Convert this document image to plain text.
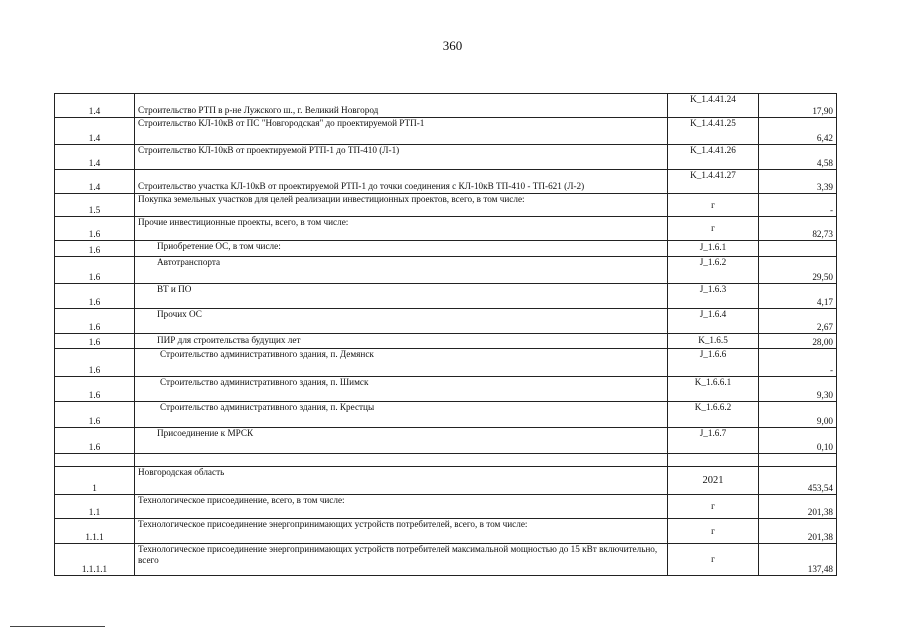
360
1.4	Строительство РТП в р-не Лужского ш., г. Великий Новгород	K_1.4.41.24	17,90
1.4	Строительство КЛ-10кВ от ПС "Новгородская" до проектируемой РТП-1	K_1.4.41.25	6,42
1.4	Строительство КЛ-10кВ от проектируемой РТП-1 до ТП-410 (Л-1)	K_1.4.41.26	4,58
1.4	Строительство участка КЛ-10кВ от проектируемой РТП-1 до точки соединения с КЛ-10кВ ТП-410 - ТП-621 (Л-2)	K_1.4.41.27	3,39
1.5	Покупка земельных участков для целей реализации инвестиционных проектов, всего, в том числе:	г	-
1.6	Прочие инвестиционные проекты, всего, в том числе:	г	82,73
1.6	Приобретение ОС, в том числе:	J_1.6.1	
1.6	Автотранспорта	J_1.6.2	29,50
1.6	ВТ и ПО	J_1.6.3	4,17
1.6	Прочих ОС	J_1.6.4	2,67
1.6	ПИР для строительства будущих лет	K_1.6.5	28,00
1.6	Строительство административного здания, п. Демянск	J_1.6.6	-
1.6	Строительство административного здания, п. Шимск	K_1.6.6.1	9,30
1.6	Строительство административного здания, п. Крестцы	K_1.6.6.2	9,00
1.6	Присоединение к МРСК	J_1.6.7	0,10

1	Новгородская область	2021	453,54
1.1	Технологическое присоединение, всего, в том числе:	г	201,38
1.1.1	Технологическое присоединение энергопринимающих устройств потребителей, всего, в том числе:	г	201,38
1.1.1.1	Технологическое присоединение энергопринимающих устройств потребителей максимальной мощностью до 15 кВт включительно, всего	г	137,48
